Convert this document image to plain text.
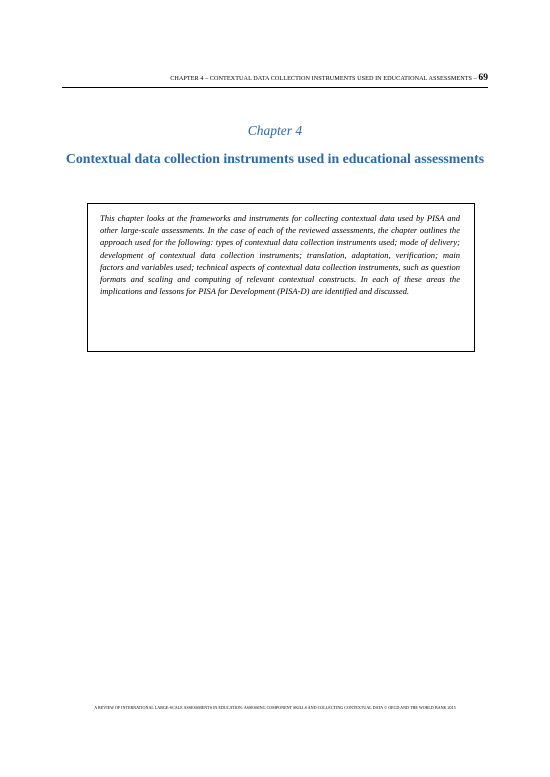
CHAPTER 4 – CONTEXTUAL DATA COLLECTION INSTRUMENTS USED IN EDUCATIONAL ASSESSMENTS – 69
Chapter 4
Contextual data collection instruments used in educational assessments

This chapter looks at the frameworks and instruments for collecting contextual data used by PISA and other large-scale assessments. In the case of each of the reviewed assessments, the chapter outlines the approach used for the following: types of contextual data collection instruments used; mode of delivery; development of contextual data collection instruments; translation, adaptation, verification; main factors and variables used; technical aspects of contextual data collection instruments, such as question formats and scaling and computing of relevant contextual constructs. In each of these areas the implications and lessons for PISA for Development (PISA-D) are identified and discussed.

A REVIEW OF INTERNATIONAL LARGE-SCALE ASSESSMENTS IN EDUCATION: ASSESSING COMPONENT SKILLS AND COLLECTING CONTEXTUAL DATA © OECD AND THE WORLD BANK 2015
